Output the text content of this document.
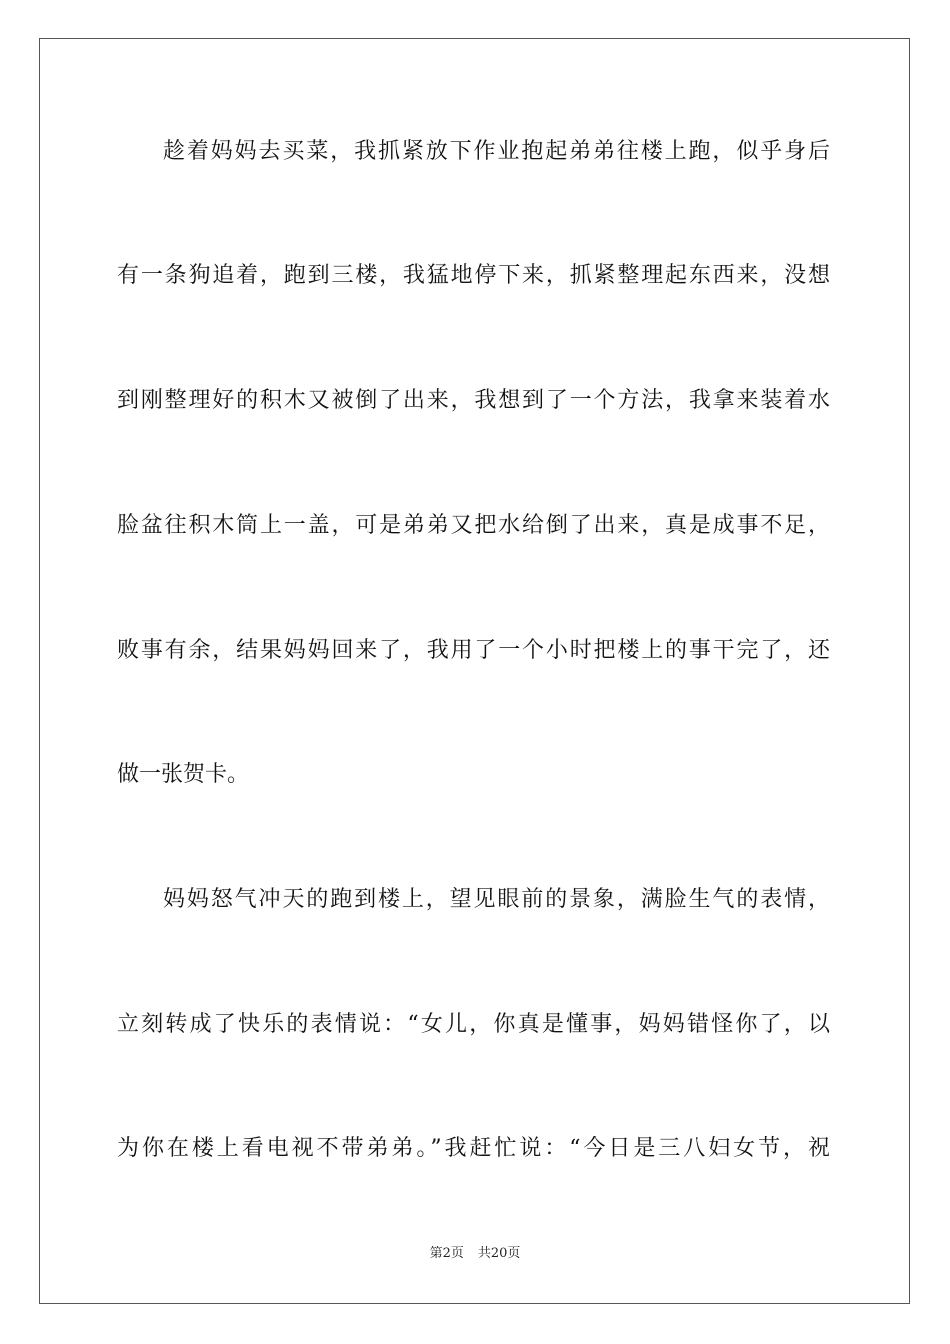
趁着妈妈去买菜，我抓紧放下作业抱起弟弟往楼上跑，似乎身后
有一条狗追着，跑到三楼，我猛地停下来，抓紧整理起东西来，没想
到刚整理好的积木又被倒了出来，我想到了一个方法，我拿来装着水
脸盆往积木筒上一盖，可是弟弟又把水给倒了出来，真是成事不足，
败事有余，结果妈妈回来了，我用了一个小时把楼上的事干完了，还
做一张贺卡。
妈妈怒气冲天的跑到楼上，望见眼前的景象，满脸生气的表情，
立刻转成了快乐的表情说：“女儿，你真是懂事，妈妈错怪你了，以
为你在楼上看电视不带弟弟。”我赶忙说：“今日是三八妇女节，祝
第2页 共20页
